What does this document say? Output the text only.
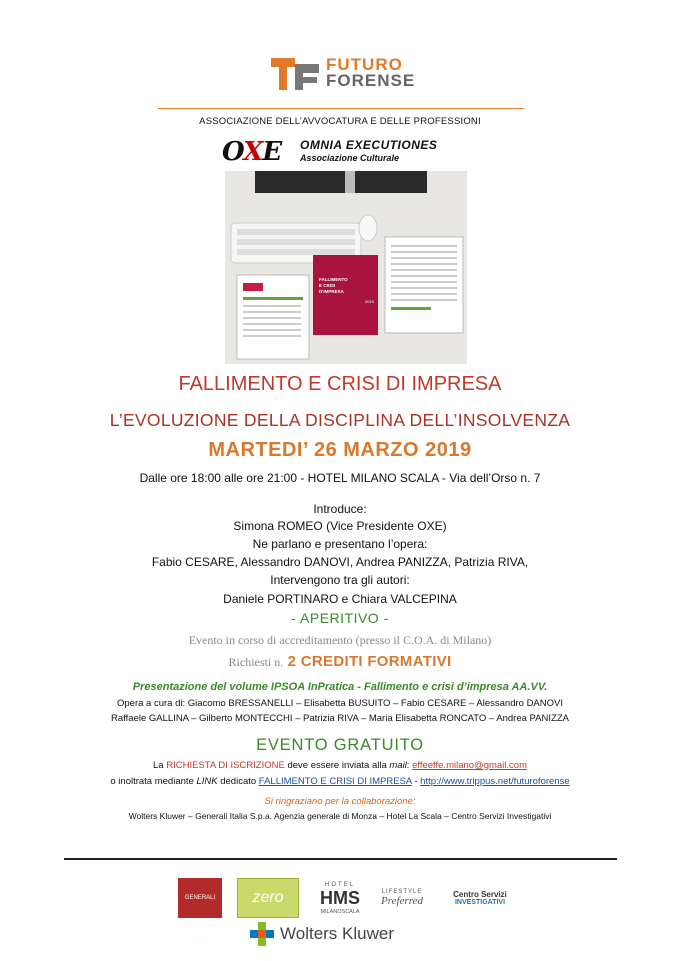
FUTURO
FORENSE
ASSOCIAZIONE DELL’AVVOCATURA E DELLE PROFESSIONI
OXE OMNIA EXECUTIONES
Associazione Culturale
FALLIMENTO
E CRISI
D'IMPRESA
2019
FALLIMENTO E CRISI DI IMPRESA
L’EVOLUZIONE DELLA DISCIPLINA DELL’INSOLVENZA
MARTEDI’ 26 MARZO 2019
Dalle ore 18:00 alle ore 21:00 - HOTEL MILANO SCALA - Via dell’Orso n. 7
Introduce:
Simona ROMEO (Vice Presidente OXE)
Ne parlano e presentano l’opera:
Fabio CESARE, Alessandro DANOVI, Andrea PANIZZA, Patrizia RIVA,
Intervengono tra gli autori:
Daniele PORTINARO e Chiara VALCEPINA
- APERITIVO -
Evento in corso di accreditamento (presso il C.O.A. di Milano)
Richiesti n. 2 CREDITI FORMATIVI
Presentazione del volume IPSOA InPratica - Fallimento e crisi d’impresa AA.VV.
Opera a cura di: Giacomo BRESSANELLI – Elisabetta BUSUITO – Fabio CESARE – Alessandro DANOVI
Raffaele GALLINA – Gilberto MONTECCHI – Patrizia RIVA – Maria Elisabetta RONCATO – Andrea PANIZZA
EVENTO GRATUITO
La RICHIESTA DI ISCRIZIONE deve essere inviata alla mail: effeeffe.milano@gmail.com
o inoltrata mediante LINK dedicato FALLIMENTO E CRISI DI IMPRESA - http://www.trippus.net/futuroforense
Si ringraziano per la collaborazione:
Wolters Kluwer – Generali Italia S.p.a. Agenzia generale di Monza – Hotel La Scala – Centro Servizi Investigativi
GENERALI zero
HOTEL
HMS
MILANOSCALA
LIFESTYLE
Preferred
Centro Servizi
INVESTIGATIVI
Wolters Kluwer
